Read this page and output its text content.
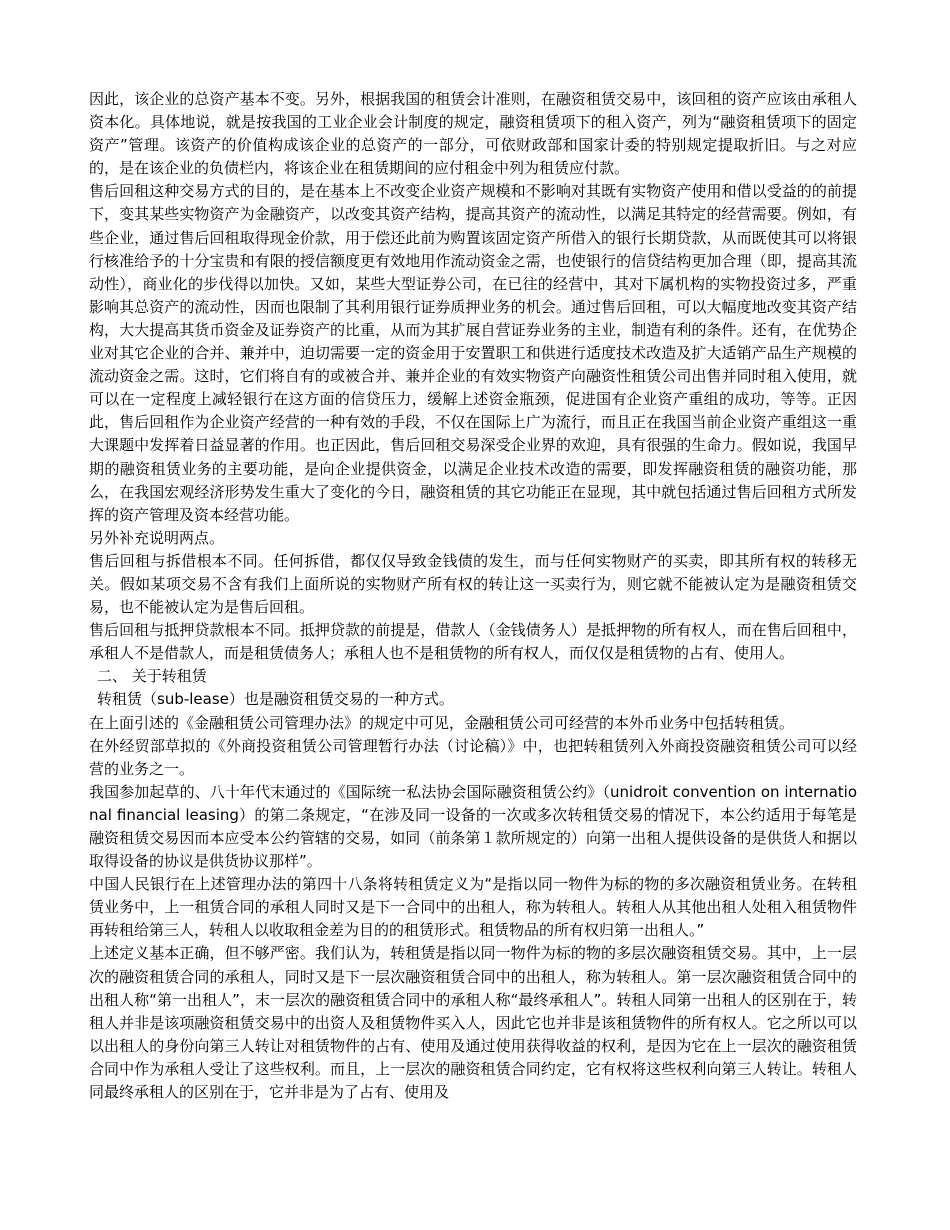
因此，该企业的总资产基本不变。另外，根据我国的租赁会计准则，在融资租赁交易中，该回租的资产应该由承租人资本化。具体地说，就是按我国的工业企业会计制度的规定，融资租赁项下的租入资产，列为“融资租赁项下的固定资产”管理。该资产的价值构成该企业的总资产的一部分，可依财政部和国家计委的特别规定提取折旧。与之对应的，是在该企业的负债栏内，将该企业在租赁期间的应付租金中列为租赁应付款。

售后回租这种交易方式的目的，是在基本上不改变企业资产规模和不影响对其既有实物资产使用和借以受益的的前提下，变其某些实物资产为金融资产，以改变其资产结构，提高其资产的流动性，以满足其特定的经营需要。例如，有些企业，通过售后回租取得现金价款，用于偿还此前为购置该固定资产所借入的银行长期贷款，从而既使其可以将银行核准给予的十分宝贵和有限的授信额度更有效地用作流动资金之需，也使银行的信贷结构更加合理（即，提高其流动性），商业化的步伐得以加快。又如，某些大型证券公司，在已往的经营中，其对下属机构的实物投资过多，严重影响其总资产的流动性，因而也限制了其利用银行证券质押业务的机会。通过售后回租，可以大幅度地改变其资产结构，大大提高其货币资金及证券资产的比重，从而为其扩展自营证券业务的主业，制造有利的条件。还有，在优势企业对其它企业的合并、兼并中，迫切需要一定的资金用于安置职工和供进行适度技术改造及扩大适销产品生产规模的流动资金之需。这时，它们将自有的或被合并、兼并企业的有效实物资产向融资性租赁公司出售并同时租入使用，就可以在一定程度上减轻银行在这方面的信贷压力，缓解上述资金瓶颈，促进国有企业资产重组的成功，等等。正因此，售后回租作为企业资产经营的一种有效的手段，不仅在国际上广为流行，而且正在我国当前企业资产重组这一重大课题中发挥着日益显著的作用。也正因此，售后回租交易深受企业界的欢迎，具有很强的生命力。假如说，我国早期的融资租赁业务的主要功能，是向企业提供资金，以满足企业技术改造的需要，即发挥融资租赁的融资功能，那么，在我国宏观经济形势发生重大了变化的今日，融资租赁的其它功能正在显现，其中就包括通过售后回租方式所发挥的资产管理及资本经营功能。

另外补充说明两点。

售后回租与拆借根本不同。任何拆借，都仅仅导致金钱债的发生，而与任何实物财产的买卖，即其所有权的转移无关。假如某项交易不含有我们上面所说的实物财产所有权的转让这一买卖行为，则它就不能被认定为是融资租赁交易，也不能被认定为是售后回租。

售后回租与抵押贷款根本不同。抵押贷款的前提是，借款人（金钱债务人）是抵押物的所有权人，而在售后回租中，承租人不是借款人，而是租赁债务人；承租人也不是租赁物的所有权人，而仅仅是租赁物的占有、使用人。

二、 关于转租赁

转租赁（sub-lease）也是融资租赁交易的一种方式。

在上面引述的《金融租赁公司管理办法》的规定中可见，金融租赁公司可经营的本外币业务中包括转租赁。

在外经贸部草拟的《外商投资租赁公司管理暂行办法（讨论稿）》中，也把转租赁列入外商投资融资租赁公司可以经营的业务之一。

我国参加起草的、八十年代末通过的《国际统一私法协会国际融资租赁公约》（unidroit convention on international financial leasing）的第二条规定，“在涉及同一设备的一次或多次转租赁交易的情况下，本公约适用于每笔是融资租赁交易因而本应受本公约管辖的交易，如同（前条第１款所规定的）向第一出租人提供设备的是供货人和据以取得设备的协议是供货协议那样”。

中国人民银行在上述管理办法的第四十八条将转租赁定义为“是指以同一物件为标的物的多次融资租赁业务。在转租赁业务中，上一租赁合同的承租人同时又是下一合同中的出租人，称为转租人。转租人从其他出租人处租入租赁物件再转租给第三人，转租人以收取租金差为目的的租赁形式。租赁物品的所有权归第一出租人。”

上述定义基本正确，但不够严密。我们认为，转租赁是指以同一物件为标的物的多层次融资租赁交易。其中，上一层次的融资租赁合同的承租人，同时又是下一层次融资租赁合同中的出租人，称为转租人。第一层次融资租赁合同中的出租人称“第一出租人”，末一层次的融资租赁合同中的承租人称“最终承租人”。转租人同第一出租人的区别在于，转租人并非是该项融资租赁交易中的出资人及租赁物件买入人，因此它也并非是该租赁物件的所有权人。它之所以可以以出租人的身份向第三人转让对租赁物件的占有、使用及通过使用获得收益的权利，是因为它在上一层次的融资租赁合同中作为承租人受让了这些权利。而且，上一层次的融资租赁合同约定，它有权将这些权利向第三人转让。转租人同最终承租人的区别在于，它并非是为了占有、使用及
